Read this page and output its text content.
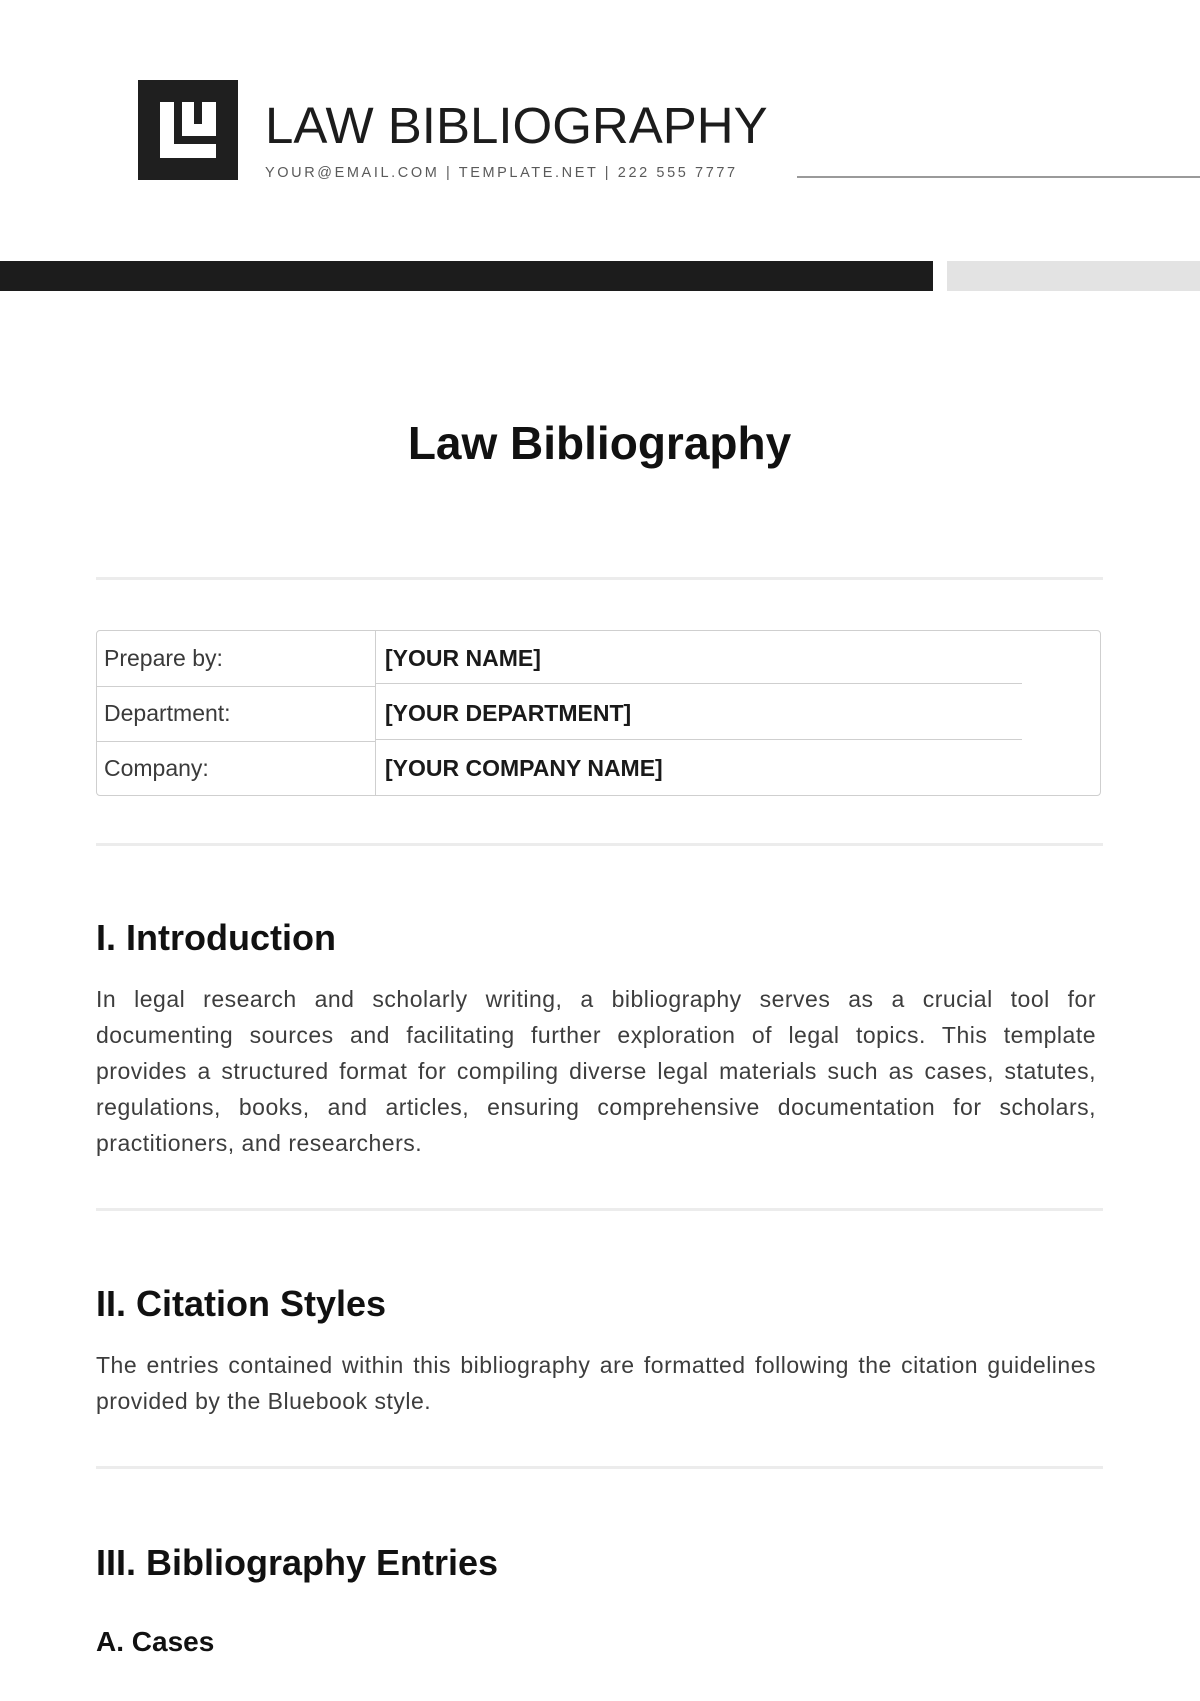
LAW BIBLIOGRAPHY
YOUR@EMAIL.COM | TEMPLATE.NET | 222 555 7777
Law Bibliography
Prepare by:	[YOUR NAME]
Department:	[YOUR DEPARTMENT]
Company:	[YOUR COMPANY NAME]
I. Introduction
In legal research and scholarly writing, a bibliography serves as a crucial tool for documenting sources and facilitating further exploration of legal topics. This template provides a structured format for compiling diverse legal materials such as cases, statutes, regulations, books, and articles, ensuring comprehensive documentation for scholars, practitioners, and researchers.
II. Citation Styles
The entries contained within this bibliography are formatted following the citation guidelines provided by the Bluebook style.
III. Bibliography Entries
A. Cases
